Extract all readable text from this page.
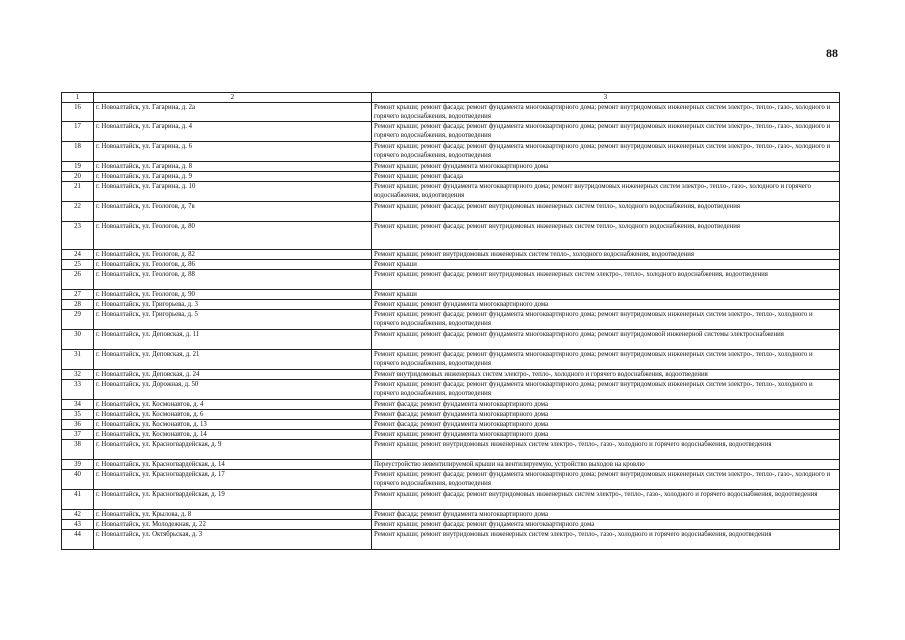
88
1	2	3
16	г. Новоалтайск, ул. Гагарина, д. 2а	Ремонт крыши; ремонт фасада; ремонт фундамента многоквартирного дома; ремонт внутридомовых инженерных систем электро-, тепло-, газо-, холодного и горячего водоснабжения, водоотведения
17	г. Новоалтайск, ул. Гагарина, д. 4	Ремонт крыши; ремонт фасада; ремонт фундамента многоквартирного дома; ремонт внутридомовых инженерных систем электро-, тепло-, газо-, холодного и горячего водоснабжения, водоотведения
18	г. Новоалтайск, ул. Гагарина, д. 6	Ремонт крыши; ремонт фасада; ремонт фундамента многоквартирного дома; ремонт внутридомовых инженерных систем электро-, тепло-, газо-, холодного и горячего водоснабжения, водоотведения
19	г. Новоалтайск, ул. Гагарина, д. 8	Ремонт крыши; ремонт фундамента многоквартирного дома
20	г. Новоалтайск, ул. Гагарина, д. 9	Ремонт крыши; ремонт фасада
21	г. Новоалтайск, ул. Гагарина, д. 10	Ремонт крыши; ремонт фундамента многоквартирного дома; ремонт внутридомовых инженерных систем электро-, тепло-, газо-, холодного и горячего водоснабжения, водоотведения
22	г. Новоалтайск, ул. Геологов, д. 7в	Ремонт крыши; ремонт фасада; ремонт внутридомовых инженерных систем тепло-, холодного водоснабжения, водоотведения
23	г. Новоалтайск, ул. Геологов, д. 80	Ремонт крыши; ремонт фасада; ремонт внутридомовых инженерных систем тепло-, холодного водоснабжения, водоотведения
24	г. Новоалтайск, ул. Геологов, д. 82	Ремонт крыши; ремонт внутридомовых инженерных систем тепло-, холодного водоснабжения, водоотведения
25	г. Новоалтайск, ул. Геологов, д. 86	Ремонт крыши
26	г. Новоалтайск, ул. Геологов, д. 88	Ремонт крыши; ремонт фасада; ремонт внутридомовых инженерных систем электро-, тепло-, холодного водоснабжения, водоотведения
27	г. Новоалтайск, ул. Геологов, д. 90	Ремонт крыши
28	г. Новоалтайск, ул. Григорьева, д. 3	Ремонт крыши; ремонт фундамента многоквартирного дома
29	г. Новоалтайск, ул. Григорьева, д. 5	Ремонт крыши; ремонт фасада; ремонт фундамента многоквартирного дома; ремонт внутридомовых инженерных систем электро-, тепло-, холодного и горячего водоснабжения, водоотведения
30	г. Новоалтайск, ул. Деповская, д. 11	Ремонт крыши; ремонт фасада; ремонт фундамента многоквартирного дома; ремонт внутридомовой инженерной системы электроснабжения
31	г. Новоалтайск, ул. Деповская, д. 21	Ремонт крыши; ремонт фасада; ремонт фундамента многоквартирного дома; ремонт внутридомовых инженерных систем электро-, тепло-, холодного и горячего водоснабжения, водоотведения
32	г. Новоалтайск, ул. Деповская, д. 24	Ремонт внутридомовых инженерных систем электро-, тепло-, холодного и горячего водоснабжения, водоотведения
33	г. Новоалтайск, ул. Дорожная, д. 50	Ремонт крыши; ремонт фасада; ремонт фундамента многоквартирного дома; ремонт внутридомовых инженерных систем электро-, тепло-, холодного и горячего водоснабжения, водоотведения
34	г. Новоалтайск, ул. Космонавтов, д. 4	Ремонт фасада; ремонт фундамента многоквартирного дома
35	г. Новоалтайск, ул. Космонавтов, д. 6	Ремонт фасада; ремонт фундамента многоквартирного дома
36	г. Новоалтайск, ул. Космонавтов, д. 13	Ремонт фасада; ремонт фундамента многоквартирного дома
37	г. Новоалтайск, ул. Космонавтов, д. 14	Ремонт крыши; ремонт фундамента многоквартирного дома
38	г. Новоалтайск, ул. Красногвардейская, д. 9	Ремонт крыши; ремонт внутридомовых инженерных систем электро-, тепло-, газо-, холодного и горячего водоснабжения, водоотведения
39	г. Новоалтайск, ул. Красногвардейская, д. 14	Переустройство невентилируемой крыши на вентилируемую, устройство выходов на кровлю
40	г. Новоалтайск, ул. Красногвардейская, д. 17	Ремонт крыши; ремонт фасада; ремонт фундамента многоквартирного дома; ремонт внутридомовых инженерных систем электро-, тепло-, газо-, холодного и горячего водоснабжения, водоотведения
41	г. Новоалтайск, ул. Красногвардейская, д. 19	Ремонт крыши; ремонт фасада; ремонт внутридомовых инженерных систем электро-, тепло-, газо-, холодного и горячего водоснабжения, водоотведения
42	г. Новоалтайск, ул. Крылова, д. 8	Ремонт фасада; ремонт фундамента многоквартирного дома
43	г. Новоалтайск, ул. Молодежная, д. 22	Ремонт крыши; ремонт фасада; ремонт фундамента многоквартирного дома
44	г. Новоалтайск, ул. Октябрьская, д. 3	Ремонт крыши; ремонт внутридомовых инженерных систем электро-, тепло-, газо-, холодного и горячего водоснабжения, водоотведения
